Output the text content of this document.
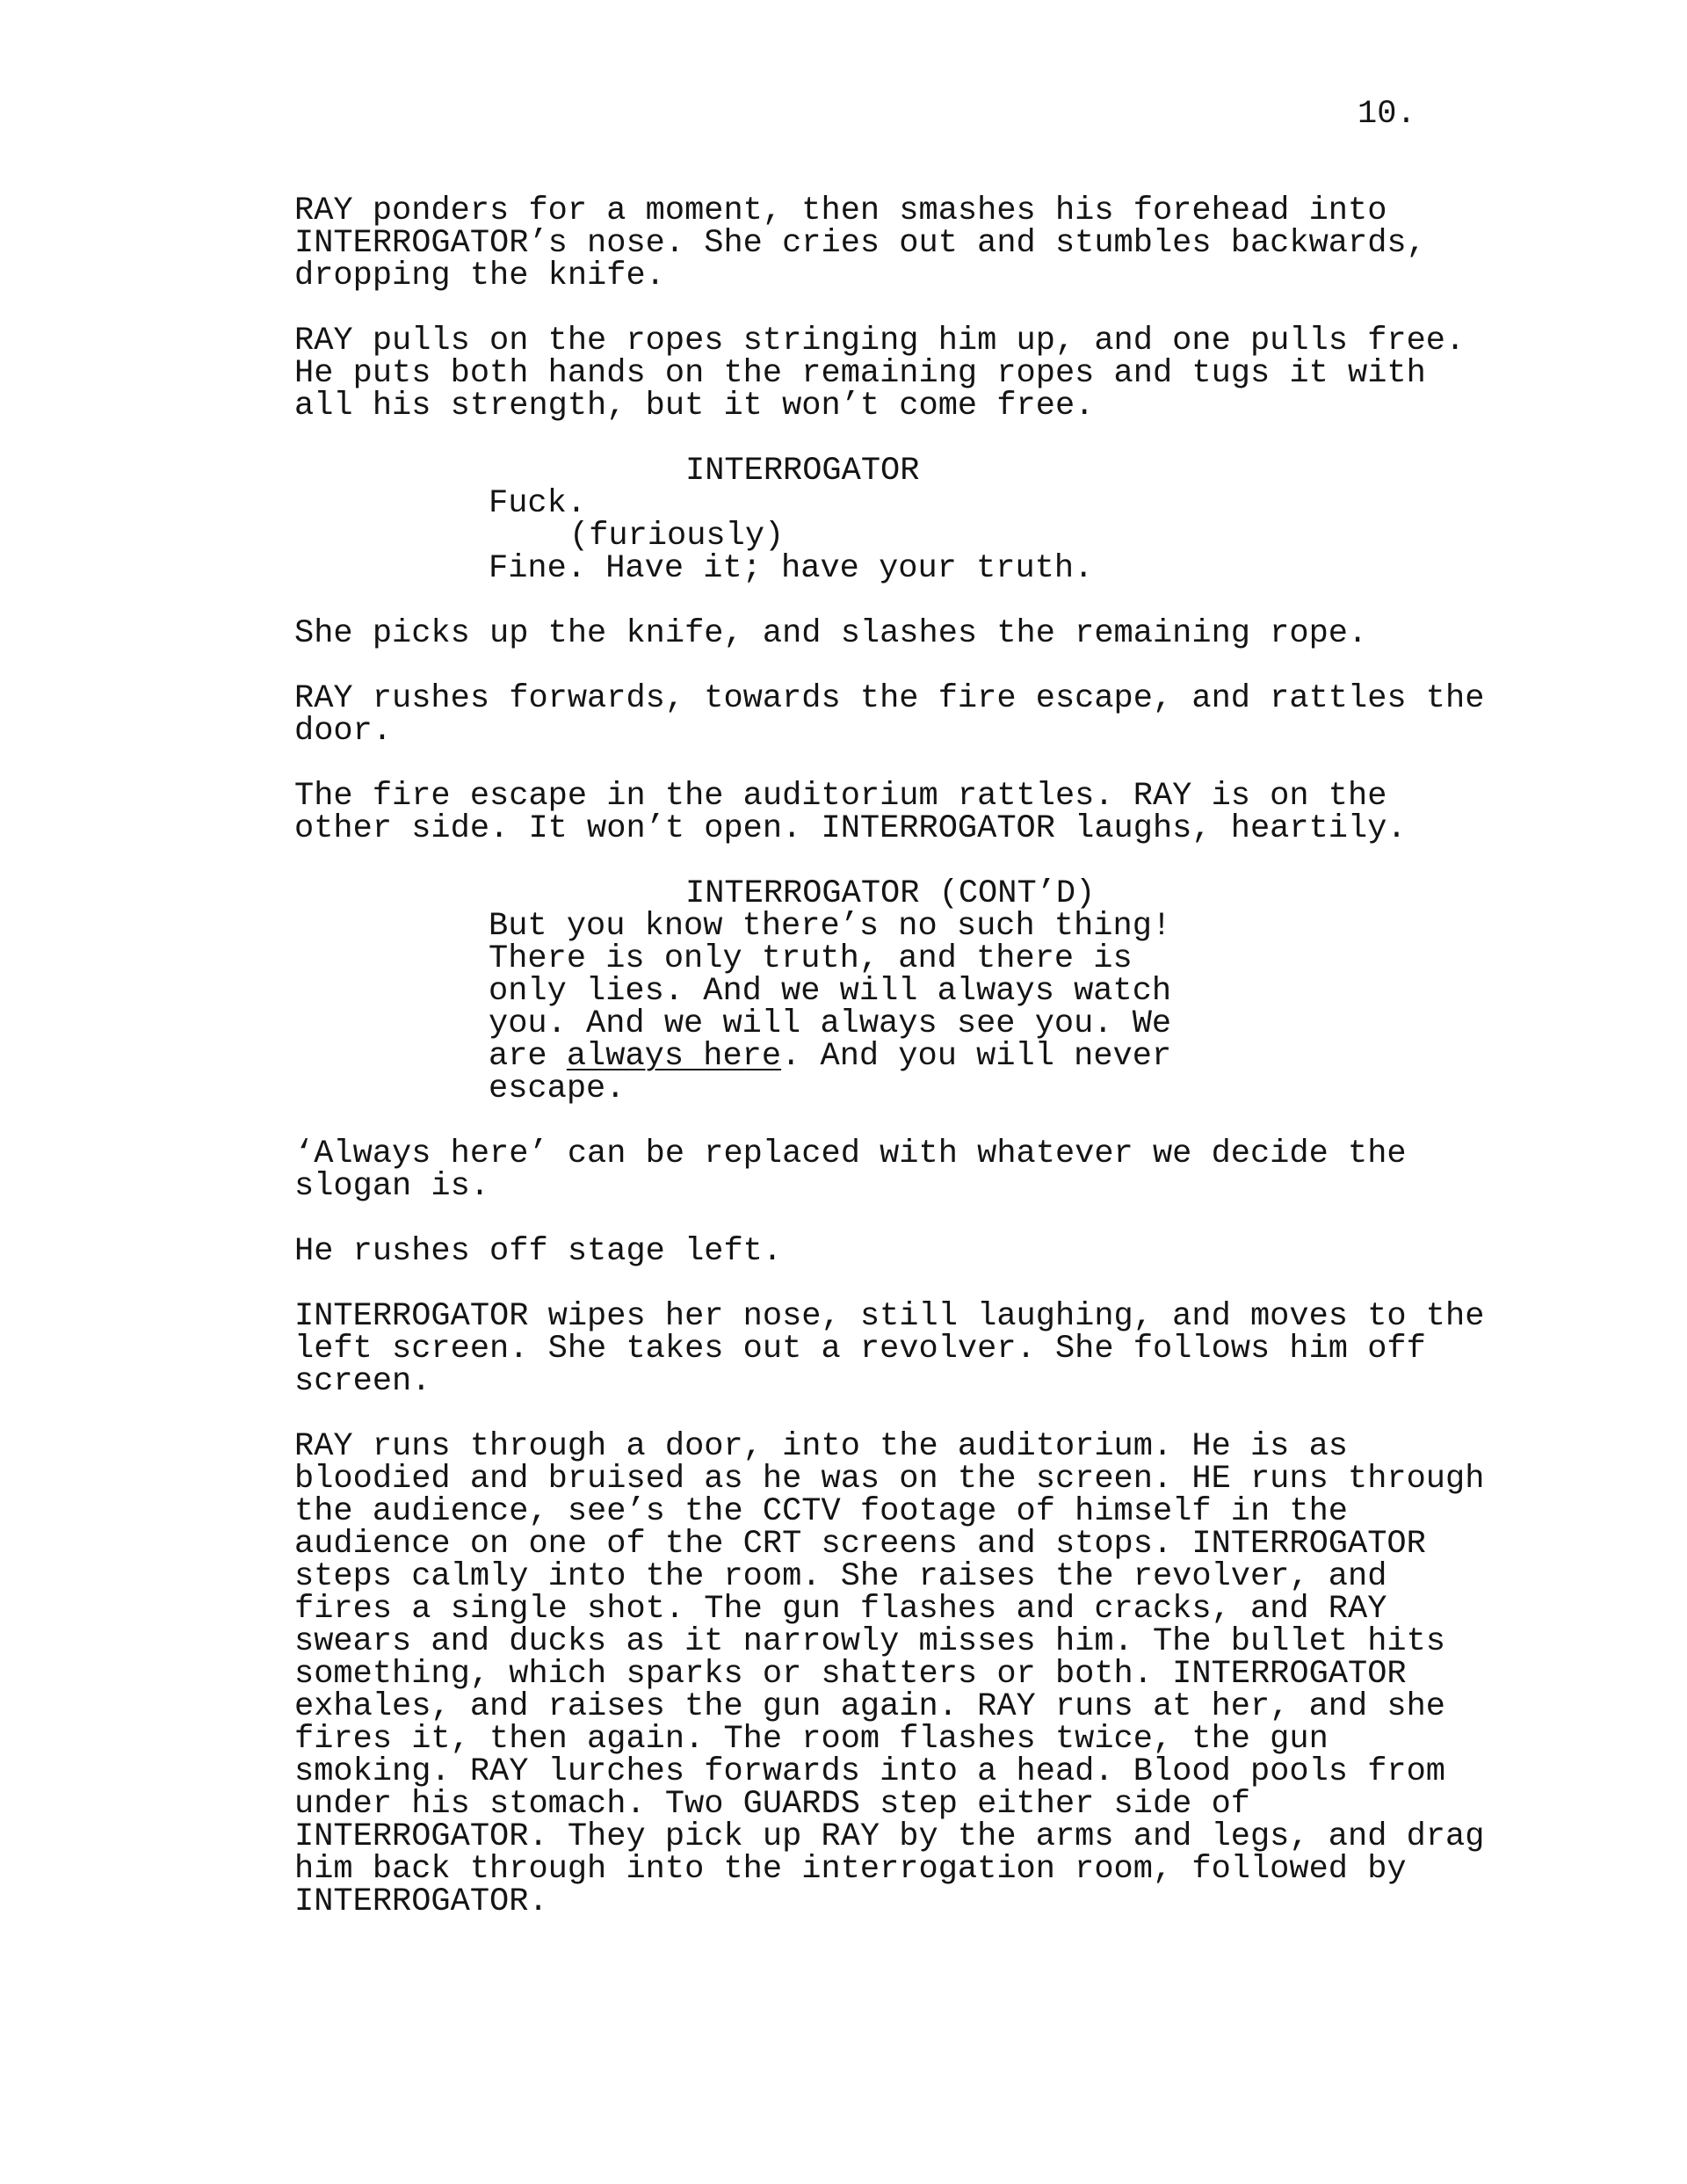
10.
RAY ponders for a moment, then smashes his forehead into
INTERROGATOR’s nose. She cries out and stumbles backwards,
dropping the knife.
RAY pulls on the ropes stringing him up, and one pulls free.
He puts both hands on the remaining ropes and tugs it with
all his strength, but it won’t come free.
INTERROGATOR
Fuck.
(furiously)
Fine. Have it; have your truth.
She picks up the knife, and slashes the remaining rope.
RAY rushes forwards, towards the fire escape, and rattles the
door.
The fire escape in the auditorium rattles. RAY is on the
other side. It won’t open. INTERROGATOR laughs, heartily.
INTERROGATOR (CONT’D)
But you know there’s no such thing!
There is only truth, and there is
only lies. And we will always watch
you. And we will always see you. We
are always here. And you will never
escape.
‘Always here’ can be replaced with whatever we decide the
slogan is.
He rushes off stage left.
INTERROGATOR wipes her nose, still laughing, and moves to the
left screen. She takes out a revolver. She follows him off
screen.
RAY runs through a door, into the auditorium. He is as
bloodied and bruised as he was on the screen. HE runs through
the audience, see’s the CCTV footage of himself in the
audience on one of the CRT screens and stops. INTERROGATOR
steps calmly into the room. She raises the revolver, and
fires a single shot. The gun flashes and cracks, and RAY
swears and ducks as it narrowly misses him. The bullet hits
something, which sparks or shatters or both. INTERROGATOR
exhales, and raises the gun again. RAY runs at her, and she
fires it, then again. The room flashes twice, the gun
smoking. RAY lurches forwards into a head. Blood pools from
under his stomach. Two GUARDS step either side of
INTERROGATOR. They pick up RAY by the arms and legs, and drag
him back through into the interrogation room, followed by
INTERROGATOR.
